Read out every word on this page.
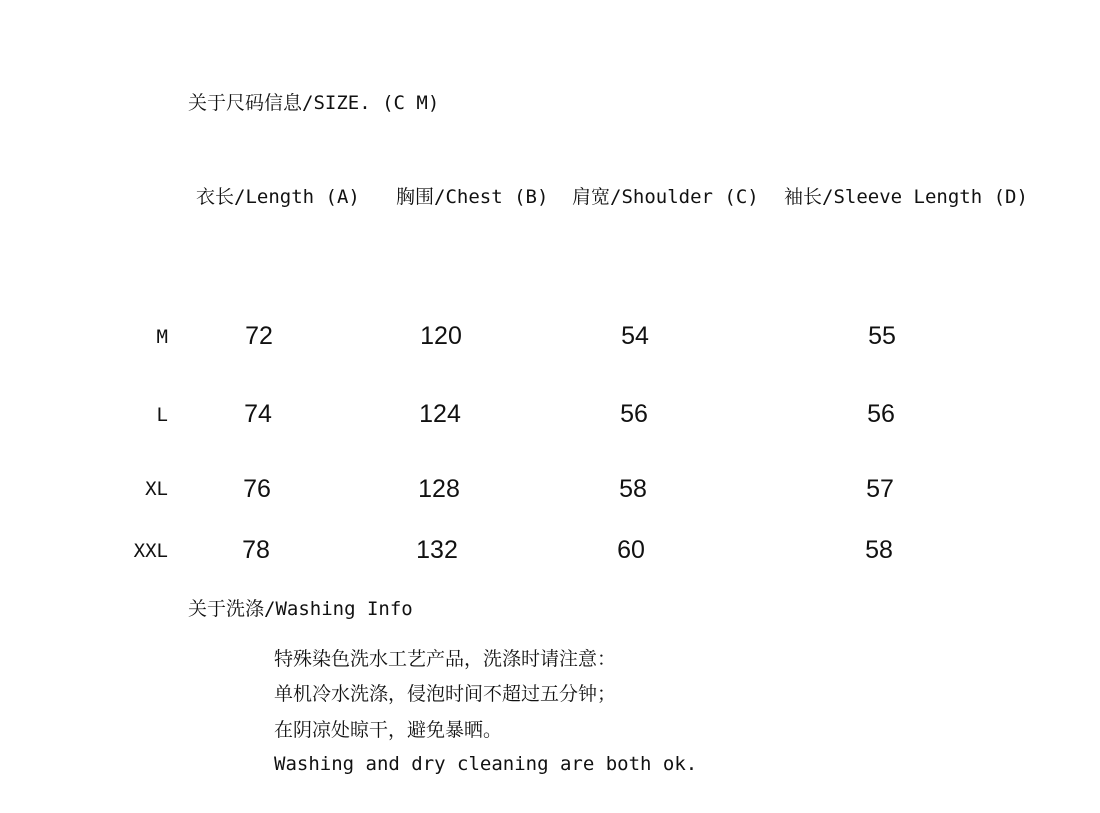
关于尺码信息/SIZE. (C M)
衣长/Length (A) 胸围/Chest (B) 肩宽/Shoulder (C) 袖长/Sleeve Length (D)
M	72	120	54	55
L	74	124	56	56
XL	76	128	58	57
XXL	78	132	60	58
关于洗涤/Washing Info
特殊染色洗水工艺产品，洗涤时请注意：
单机冷水洗涤，侵泡时间不超过五分钟；
在阴凉处晾干，避免暴晒。
Washing and dry cleaning are both ok.
